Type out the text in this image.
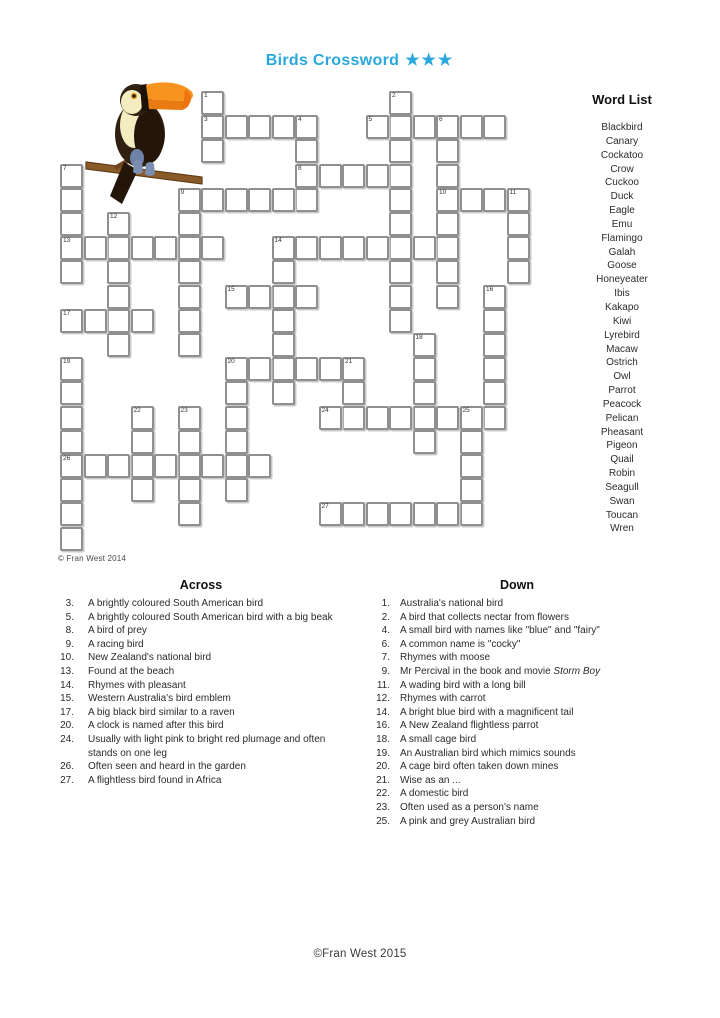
Birds Crossword ★★★
1
3
2
4
8
5	6
10
7
13
9	11
12
14
15	16
17
18
19
26
20	21
22	23	24	25
27
© Fran West 2014
Word List
Blackbird
Canary
Cockatoo
Crow
Cuckoo
Duck
Eagle
Emu
Flamingo
Galah
Goose
Honeyeater
Ibis
Kakapo
Kiwi
Lyrebird
Macaw
Ostrich
Owl
Parrot
Peacock
Pelican
Pheasant
Pigeon
Quail
Robin
Seagull
Swan
Toucan
Wren
Across
3. A brightly coloured South American bird
5. A brightly coloured South American bird with a big beak
8. A bird of prey
9. A racing bird
10. New Zealand's national bird
13. Found at the beach
14. Rhymes with pleasant
15. Western Australia's bird emblem
17. A big black bird similar to a raven
20. A clock is named after this bird
24. Usually with light pink to bright red plumage and often stands on one leg
26. Often seen and heard in the garden
27. A flightless bird found in Africa
Down
1. Australia's national bird
2. A bird that collects nectar from flowers
4. A small bird with names like "blue" and "fairy"
6. A common name is "cocky"
7. Rhymes with moose
9. Mr Percival in the book and movie Storm Boy
11. A wading bird with a long bill
12. Rhymes with carrot
14. A bright blue bird with a magnificent tail
16. A New Zealand flightless parrot
18. A small cage bird
19. An Australian bird which mimics sounds
20. A cage bird often taken down mines
21. Wise as an ...
22. A domestic bird
23. Often used as a person's name
25. A pink and grey Australian bird
©Fran West 2015
